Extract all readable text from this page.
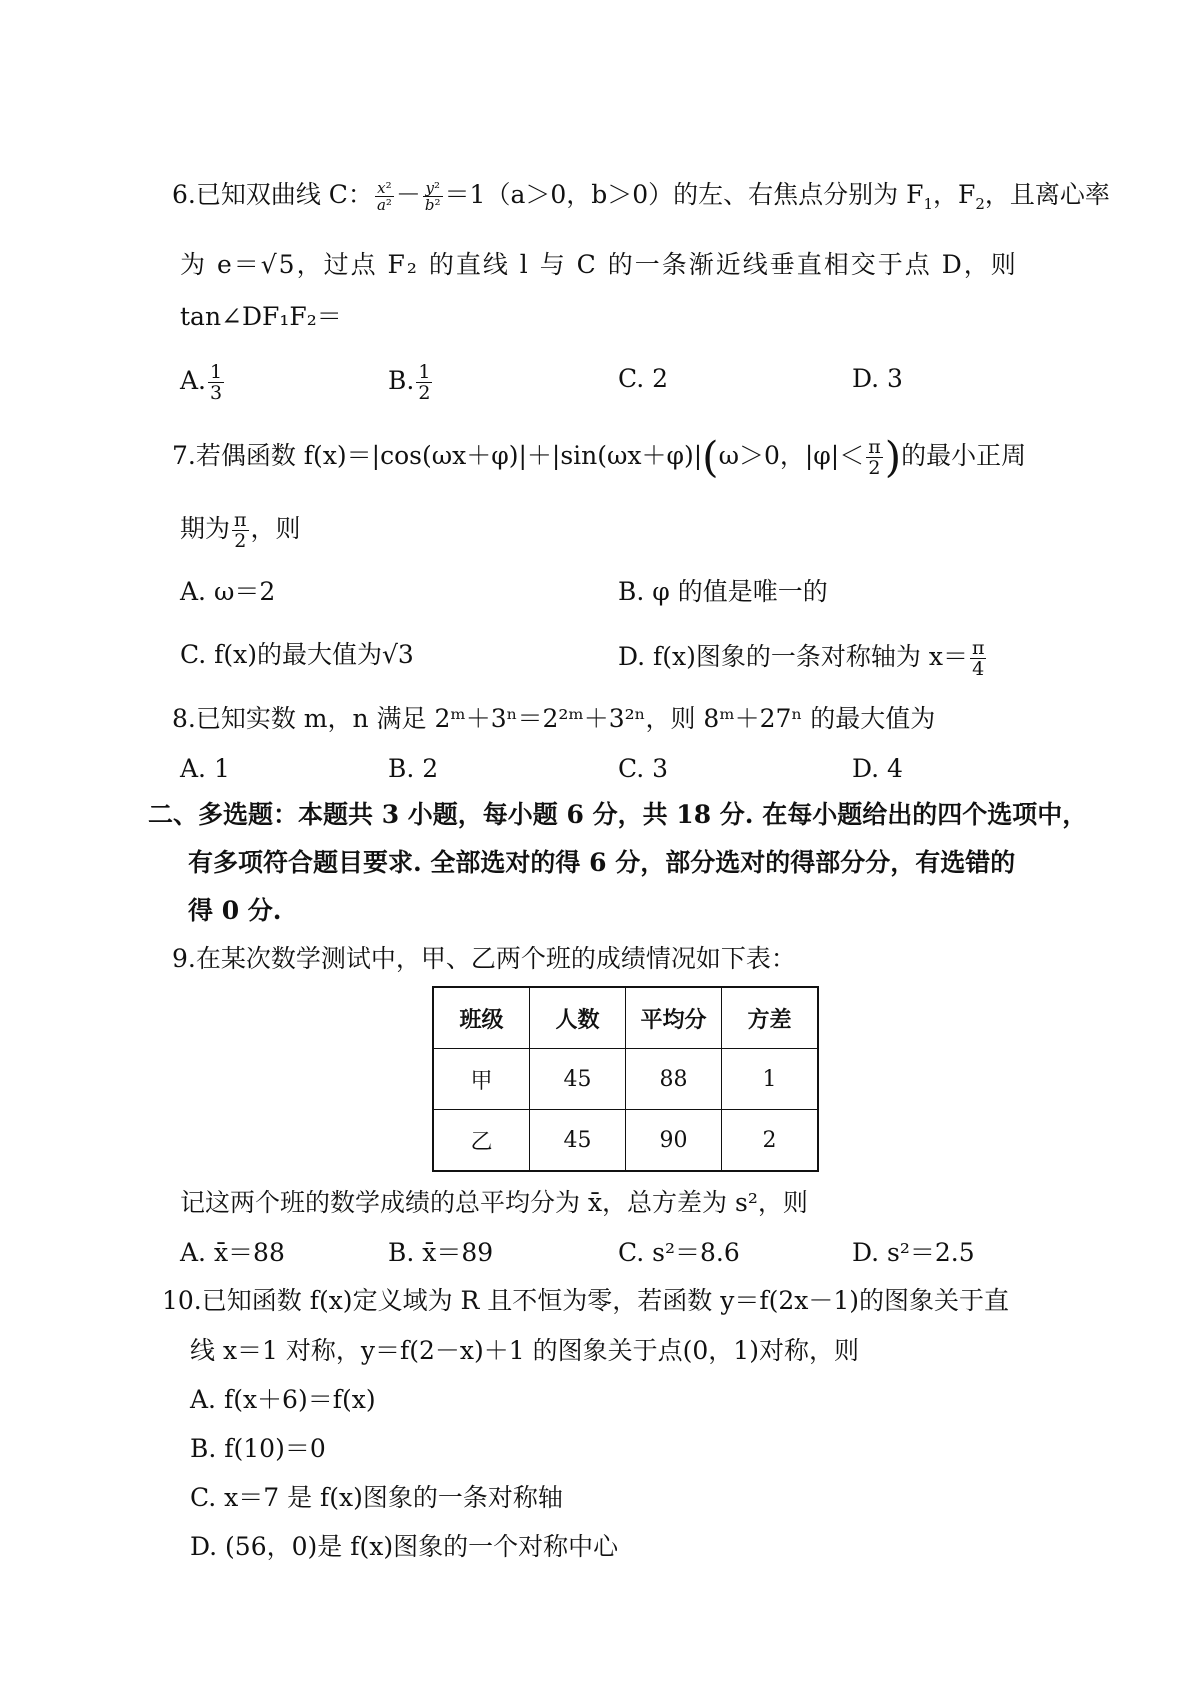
6.已知双曲线 C： $\frac{\text{x²}}{\text{a²}} - \frac{\text{y²}}{\text{b²}} =1(a>0$，b＞0）的左、右焦点分别为 $F_1$，$F_2$，且离心率
为 e＝√5，过点 F₂ 的直线 l 与 C 的一条渐近线垂直相交于点 D，则
tan∠DF₁F₂＝
A. $\frac{1}{3}$	B. $\frac{1}{2}$	C. 2	D. 3
7.若偶函数 f(x)＝|cos(ωx＋φ)|＋|sin(ωx＋φ)|(ω＞0，$|\varphi|< \frac{\pi}{2}$ )的最小正周
期为 $\frac{\pi}{2}$ ，则
A. ω＝2	B. φ 的值是唯一的
C. f(x)的最大值为√3	D. f(x)图象的一条对称轴为 $x= \frac{\pi}{4}$
8.已知实数 m，n 满足 2ᵐ＋3ⁿ＝2²ᵐ＋3²ⁿ，则 8ᵐ＋27ⁿ 的最大值为
A. 1	B. 2	C. 3	D. 4
二、多选题：本题共 3 小题，每小题 6 分，共 18 分. 在每小题给出的四个选项中，
有多项符合题目要求. 全部选对的得 6 分，部分选对的得部分分，有选错的
得 0 分.
9.在某次数学测试中，甲、乙两个班的成绩情况如下表：
班级	人数	平均分	方差
甲	45	88	1
乙	45	90	2
记这两个班的数学成绩的总平均分为 x̄，总方差为 s²，则
A. x̄＝88	B. x̄＝89	C. s²＝8.6	D. s²＝2.5
10.已知函数 f(x)定义域为 R 且不恒为零，若函数 y＝f(2x－1)的图象关于直
线 x＝1 对称，y＝f(2－x)＋1 的图象关于点(0，1)对称，则
A. f(x＋6)＝f(x)
B. f(10)＝0
C. x＝7 是 f(x)图象的一条对称轴
D. (56，0)是 f(x)图象的一个对称中心
